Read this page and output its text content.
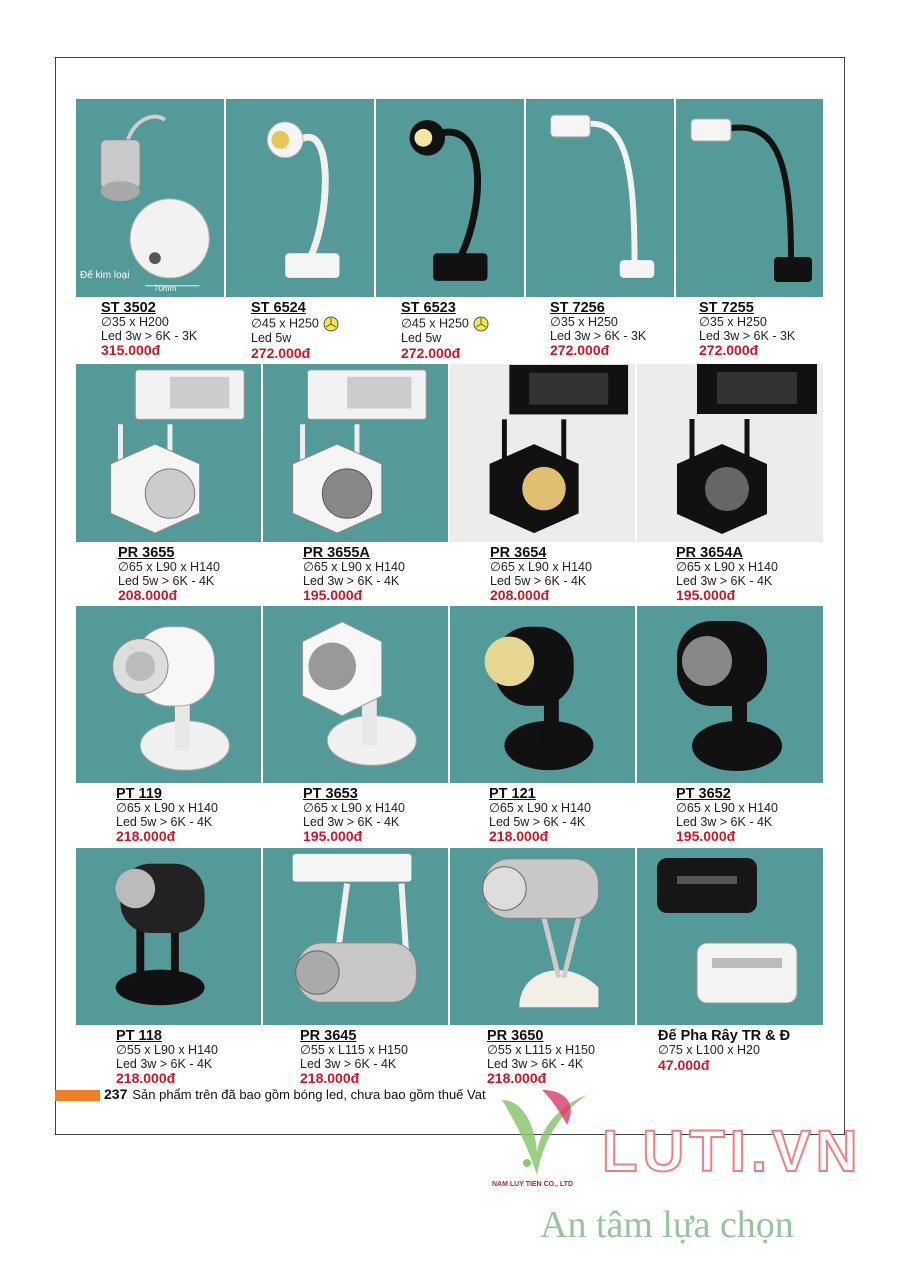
Đế kim loại
70mm
ST 3502
∅35 x H200
Led 3w > 6K - 3K
315.000đ
ST 6524
∅45 x H250
Led 5w
272.000đ
ST 6523
∅45 x H250
Led 5w
272.000đ
ST 7256
∅35 x H250
Led 3w > 6K - 3K
272.000đ
ST 7255
∅35 x H250
Led 3w > 6K - 3K
272.000đ
PR 3655
∅65 x L90 x H140
Led 5w > 6K - 4K
208.000đ
PR 3655A
∅65 x L90 x H140
Led 3w > 6K - 4K
195.000đ
PR 3654
∅65 x L90 x H140
Led 5w > 6K - 4K
208.000đ
PR 3654A
∅65 x L90 x H140
Led 3w > 6K - 4K
195.000đ
PT 119
∅65 x L90 x H140
Led 5w > 6K - 4K
218.000đ
PT 3653
∅65 x L90 x H140
Led 3w > 6K - 4K
195.000đ
PT 121
∅65 x L90 x H140
Led 5w > 6K - 4K
218.000đ
PT 3652
∅65 x L90 x H140
Led 3w > 6K - 4K
195.000đ
PT 118
∅55 x L90 x H140
Led 3w > 6K - 4K
218.000đ
PR 3645
∅55 x L115 x H150
Led 3w > 6K - 4K
218.000đ
PR 3650
∅55 x L115 x H150
Led 3w > 6K - 4K
218.000đ
Đế Pha Rây TR & Đ
∅75 x L100 x H20
47.000đ
237 Sản phẩm trên đã bao gồm bóng led, chưa bao gồm thuế Vat
LUTI.VN
NAM LUY TIEN CO., LTD
An tâm lựa chọn
